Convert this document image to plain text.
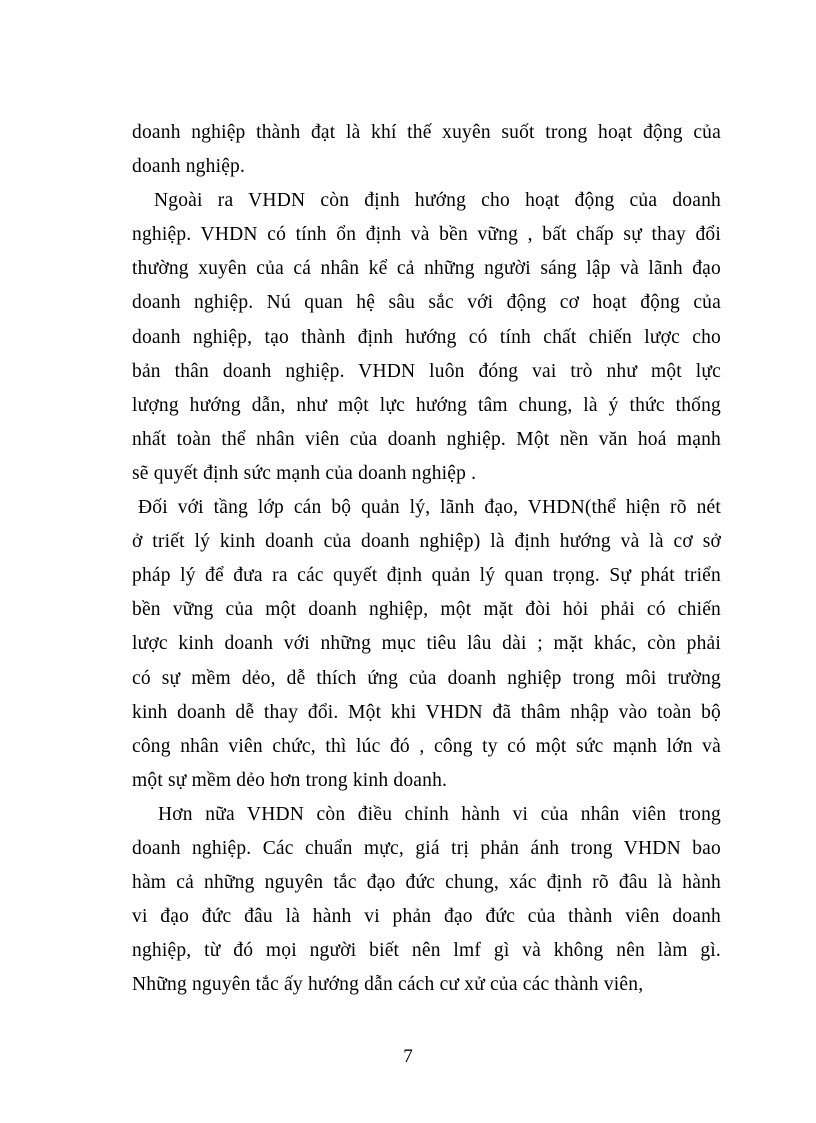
doanh nghiệp thành đạt là khí thế xuyên suốt trong hoạt động của
doanh nghiệp.
Ngoài ra VHDN còn định hướng cho hoạt động của doanh
nghiệp. VHDN có tính ổn định và bền vững , bất chấp sự thay đổi
thường xuyên của cá nhân kể cả những người sáng lập và lãnh đạo
doanh nghiệp. Nú quan hệ sâu sắc với động cơ hoạt động của
doanh nghiệp, tạo thành định hướng có tính chất chiến lược cho
bản thân doanh nghiệp. VHDN luôn đóng vai trò như một lực
lượng hướng dẫn, như một lực hướng tâm chung, là ý thức thống
nhất toàn thể nhân viên của doanh nghiệp. Một nền văn hoá mạnh
sẽ quyết định sức mạnh của doanh nghiệp .
Đối với tầng lớp cán bộ quản lý, lãnh đạo, VHDN(thể hiện rõ nét
ở triết lý kinh doanh của doanh nghiệp) là định hướng và là cơ sở
pháp lý để đưa ra các quyết định quản lý quan trọng. Sự phát triển
bền vững của một doanh nghiệp, một mặt đòi hỏi phải có chiến
lược kinh doanh với những mục tiêu lâu dài ; mặt khác, còn phải
có sự mềm dẻo, dễ thích ứng của doanh nghiệp trong môi trường
kinh doanh dễ thay đổi. Một khi VHDN đã thâm nhập vào toàn bộ
công nhân viên chức, thì lúc đó , công ty có một sức mạnh lớn và
một sự mềm dẻo hơn trong kinh doanh.
Hơn nữa VHDN còn điều chỉnh hành vi của nhân viên trong
doanh nghiệp. Các chuẩn mực, giá trị phản ánh trong VHDN bao
hàm cả những nguyên tắc đạo đức chung, xác định rõ đâu là hành
vi đạo đức đâu là hành vi phản đạo đức của thành viên doanh
nghiệp, từ đó mọi người biết nên lmf gì và không nên làm gì.
Những nguyên tắc ấy hướng dẫn cách cư xử của các thành viên,
7
